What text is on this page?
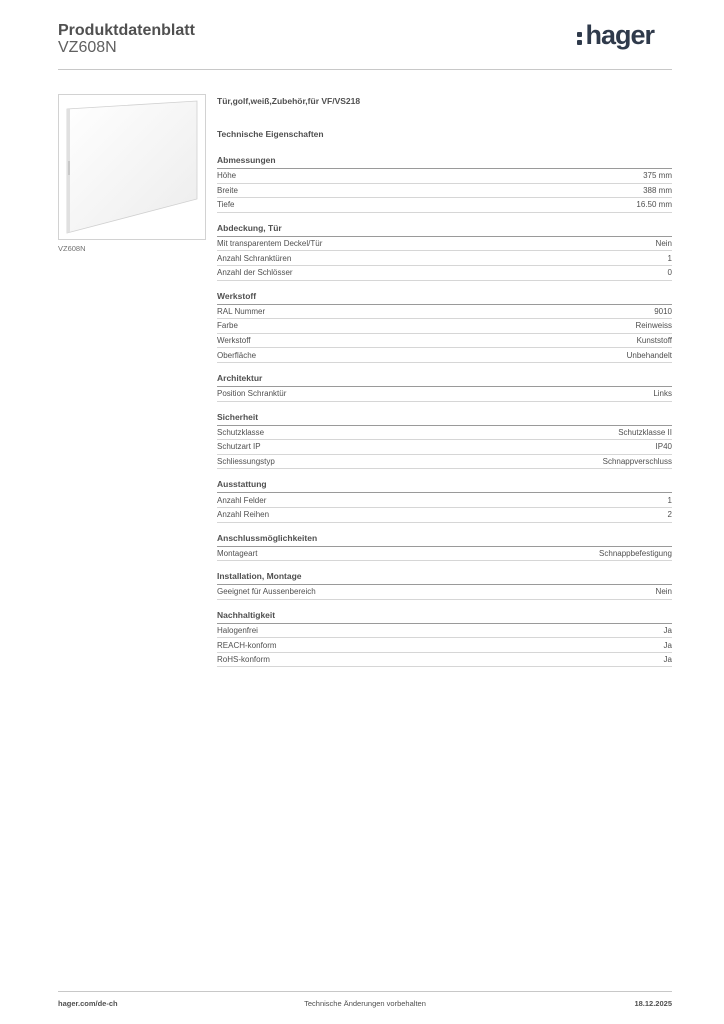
Produktdatenblatt
VZ608N	hager
VZ608N
Tür,golf,weiß,Zubehör,für VF/VS218
Technische Eigenschaften
Abmessungen
Höhe	375 mm
Breite	388 mm
Tiefe	16.50 mm
Abdeckung, Tür
Mit transparentem Deckel/Tür	Nein
Anzahl Schranktüren	1
Anzahl der Schlösser	0
Werkstoff
RAL Nummer	9010
Farbe	Reinweiss
Werkstoff	Kunststoff
Oberfläche	Unbehandelt
Architektur
Position Schranktür	Links
Sicherheit
Schutzklasse	Schutzklasse II
Schutzart IP	IP40
Schliessungstyp	Schnappverschluss
Ausstattung
Anzahl Felder	1
Anzahl Reihen	2
Anschlussmöglichkeiten
Montageart	Schnappbefestigung
Installation, Montage
Geeignet für Aussenbereich	Nein
Nachhaltigkeit
Halogenfrei	Ja
REACH-konform	Ja
RoHS-konform	Ja
hager.com/de-ch	Technische Änderungen vorbehalten	18.12.2025
